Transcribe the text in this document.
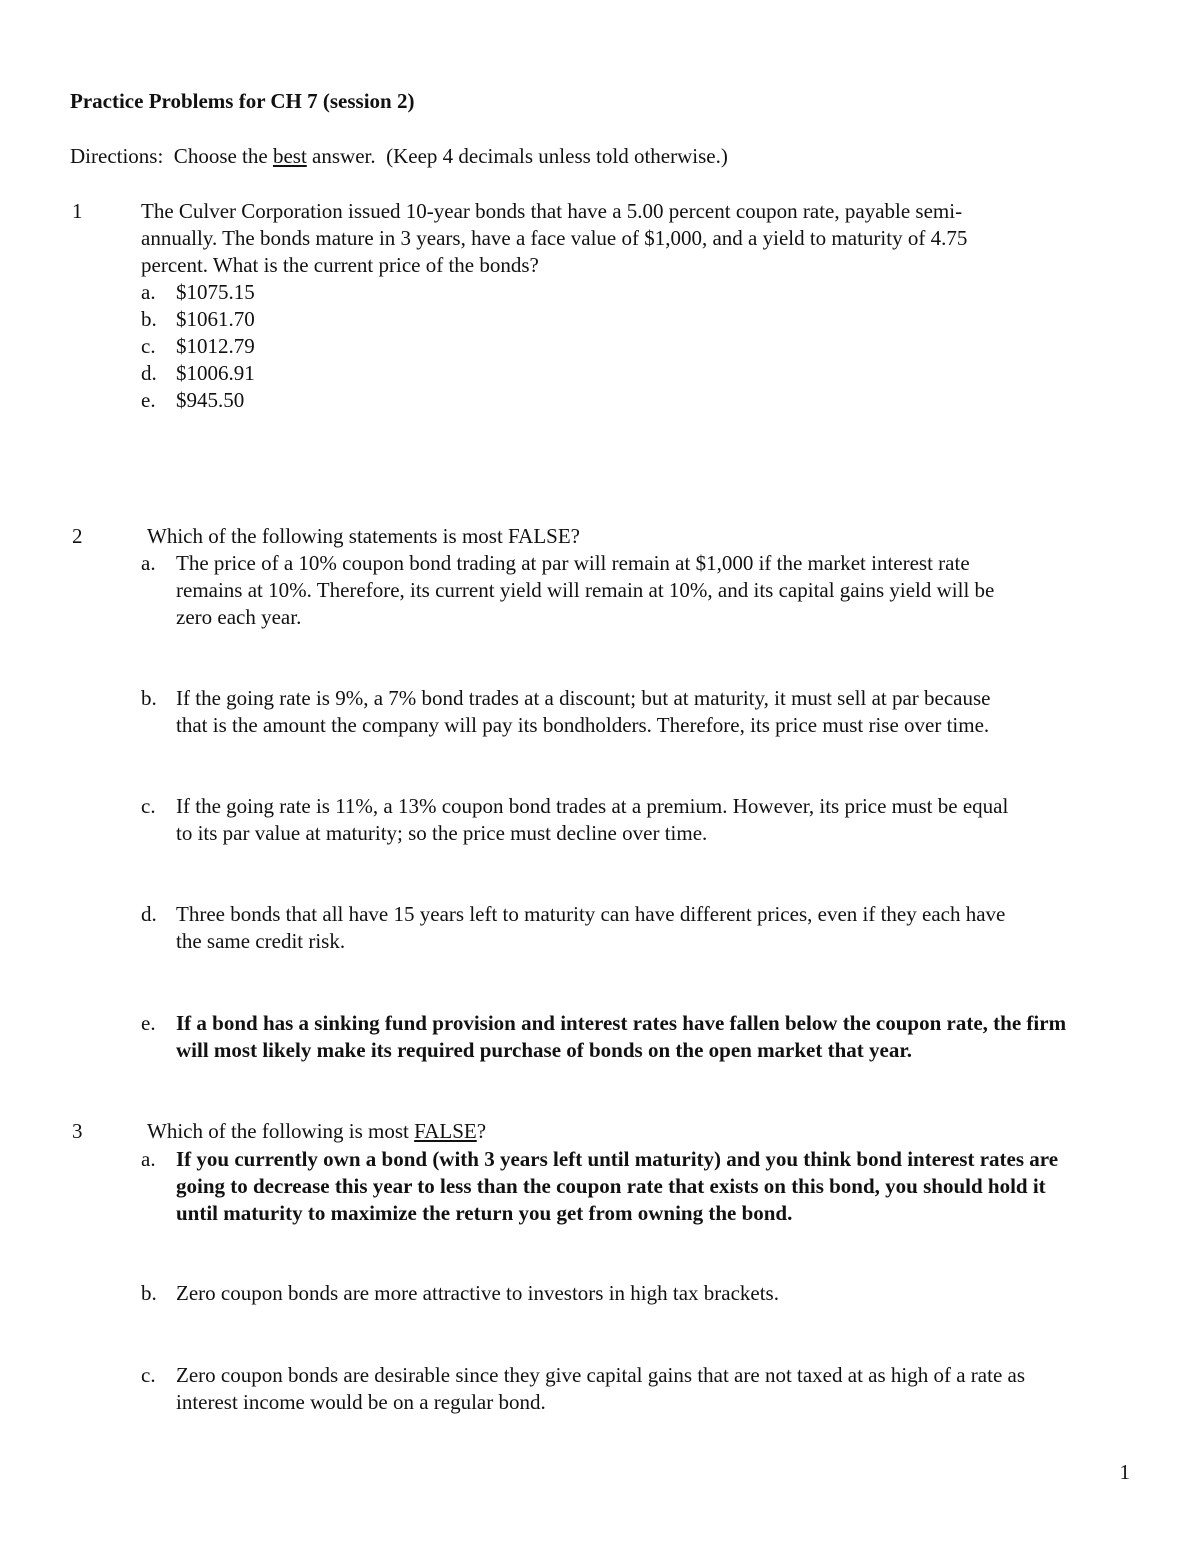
Practice Problems for CH 7 (session 2)
Directions:  Choose the best answer.  (Keep 4 decimals unless told otherwise.)
1	The Culver Corporation issued 10-year bonds that have a 5.00 percent coupon rate, payable semi-
annually. The bonds mature in 3 years, have a face value of $1,000, and a yield to maturity of 4.75
percent. What is the current price of the bonds?
a. $1075.15
b. $1061.70
c. $1012.79
d. $1006.91
e. $945.50
2	Which of the following statements is most FALSE?
a. The price of a 10% coupon bond trading at par will remain at $1,000 if the market interest rate
remains at 10%. Therefore, its current yield will remain at 10%, and its capital gains yield will be
zero each year.
b. If the going rate is 9%, a 7% bond trades at a discount; but at maturity, it must sell at par because
that is the amount the company will pay its bondholders. Therefore, its price must rise over time.
c. If the going rate is 11%, a 13% coupon bond trades at a premium. However, its price must be equal
to its par value at maturity; so the price must decline over time.
d. Three bonds that all have 15 years left to maturity can have different prices, even if they each have
the same credit risk.
e. If a bond has a sinking fund provision and interest rates have fallen below the coupon rate, the firm
will most likely make its required purchase of bonds on the open market that year.
3	Which of the following is most FALSE?
a. If you currently own a bond (with 3 years left until maturity) and you think bond interest rates are
going to decrease this year to less than the coupon rate that exists on this bond, you should hold it
until maturity to maximize the return you get from owning the bond.
b. Zero coupon bonds are more attractive to investors in high tax brackets.
c. Zero coupon bonds are desirable since they give capital gains that are not taxed at as high of a rate as
interest income would be on a regular bond.
1
